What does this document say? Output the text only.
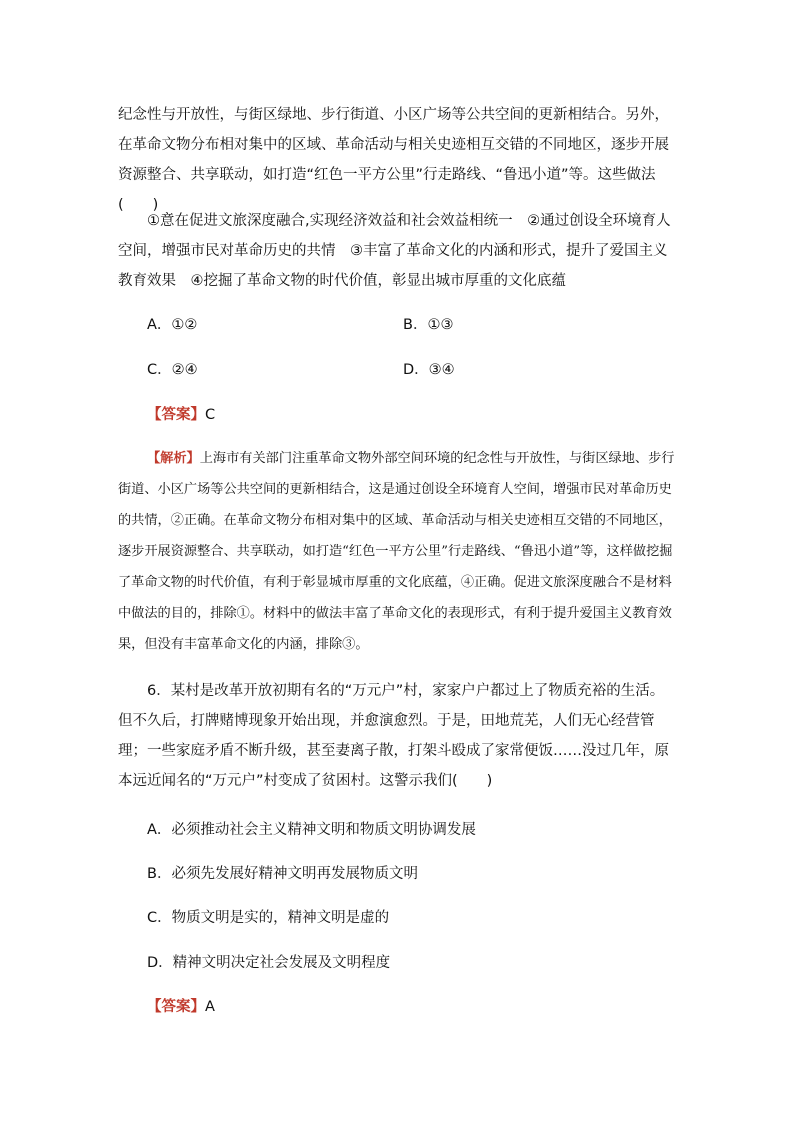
纪念性与开放性，与街区绿地、步行街道、小区广场等公共空间的更新相结合。另外，在革命文物分布相对集中的区域、革命活动与相关史迹相互交错的不同地区，逐步开展资源整合、共享联动，如打造“红色一平方公里”行走路线、“鲁迅小道”等。这些做法(　　)

①意在促进文旅深度融合,实现经济效益和社会效益相统一　②通过创设全环境育人空间，增强市民对革命历史的共情　③丰富了革命文化的内涵和形式，提升了爱国主义教育效果　④挖掘了革命文物的时代价值，彰显出城市厚重的文化底蕴

A．①②	B．①③
C．②④	D．③④
【答案】C

【解析】上海市有关部门注重革命文物外部空间环境的纪念性与开放性，与街区绿地、步行街道、小区广场等公共空间的更新相结合，这是通过创设全环境育人空间，增强市民对革命历史的共情，②正确。在革命文物分布相对集中的区域、革命活动与相关史迹相互交错的不同地区，逐步开展资源整合、共享联动，如打造“红色一平方公里”行走路线、“鲁迅小道”等，这样做挖掘了革命文物的时代价值，有利于彰显城市厚重的文化底蕴，④正确。促进文旅深度融合不是材料中做法的目的，排除①。材料中的做法丰富了革命文化的表现形式，有利于提升爱国主义教育效果，但没有丰富革命文化的内涵，排除③。

6．某村是改革开放初期有名的“万元户”村，家家户户都过上了物质充裕的生活。但不久后，打牌赌博现象开始出现，并愈演愈烈。于是，田地荒芜，人们无心经营管理；一些家庭矛盾不断升级，甚至妻离子散，打架斗殴成了家常便饭……没过几年，原本远近闻名的“万元户”村变成了贫困村。这警示我们(　　)

A．必须推动社会主义精神文明和物质文明协调发展
B．必须先发展好精神文明再发展物质文明
C．物质文明是实的，精神文明是虚的
D．精神文明决定社会发展及文明程度
【答案】A
